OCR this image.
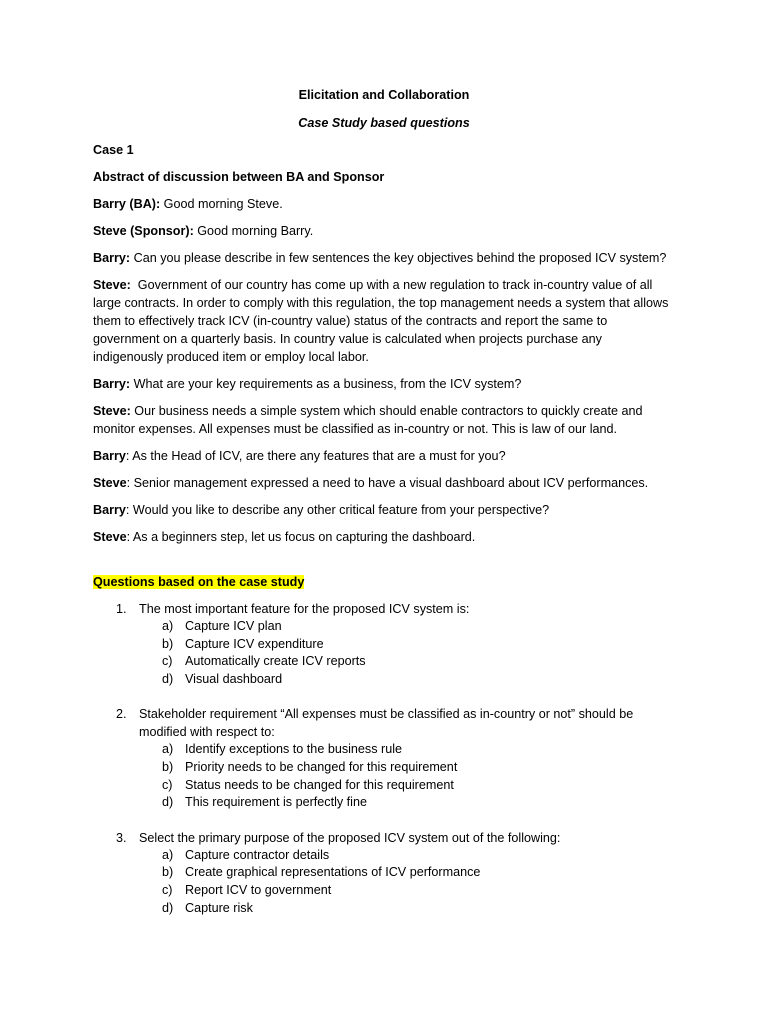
Elicitation and Collaboration

Case Study based questions

Case 1

Abstract of discussion between BA and Sponsor

Barry (BA): Good morning Steve.

Steve (Sponsor): Good morning Barry.

Barry: Can you please describe in few sentences the key objectives behind the proposed ICV system?

Steve:  Government of our country has come up with a new regulation to track in-country value of all large contracts. In order to comply with this regulation, the top management needs a system that allows them to effectively track ICV (in-country value) status of the contracts and report the same to government on a quarterly basis. In country value is calculated when projects purchase any indigenously produced item or employ local labor.

Barry: What are your key requirements as a business, from the ICV system?

Steve: Our business needs a simple system which should enable contractors to quickly create and monitor expenses. All expenses must be classified as in-country or not. This is law of our land.

Barry: As the Head of ICV, are there any features that are a must for you?

Steve: Senior management expressed a need to have a visual dashboard about ICV performances.

Barry: Would you like to describe any other critical feature from your perspective?

Steve: As a beginners step, let us focus on capturing the dashboard.

Questions based on the case study

1. The most important feature for the proposed ICV system is:
a) Capture ICV plan
b) Capture ICV expenditure
c) Automatically create ICV reports
d) Visual dashboard
2. Stakeholder requirement “All expenses must be classified as in-country or not” should be modified with respect to:
a) Identify exceptions to the business rule
b) Priority needs to be changed for this requirement
c) Status needs to be changed for this requirement
d) This requirement is perfectly fine
3. Select the primary purpose of the proposed ICV system out of the following:
a) Capture contractor details
b) Create graphical representations of ICV performance
c) Report ICV to government
d) Capture risk
